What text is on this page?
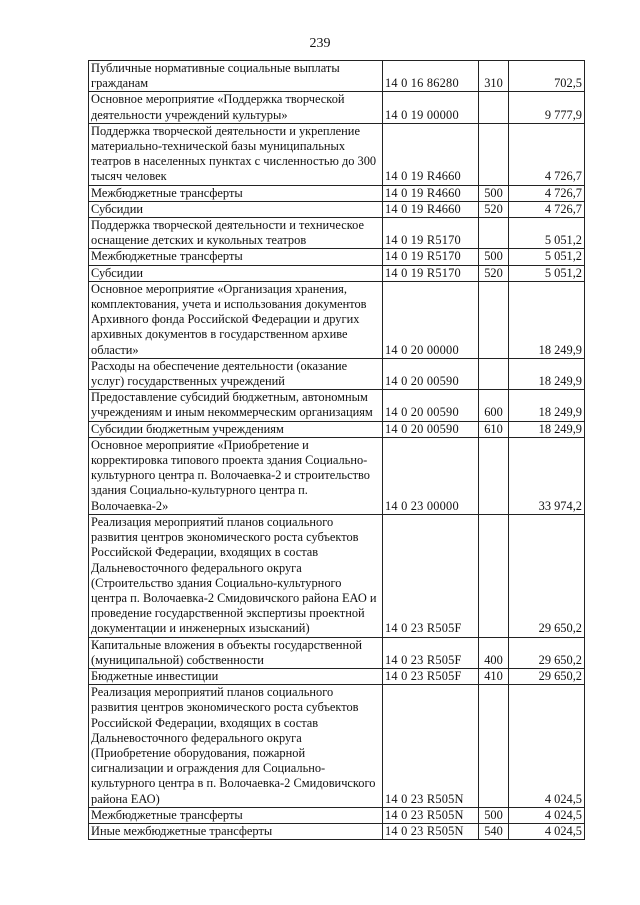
239
Публичные нормативные социальные выплаты гражданам	14 0 16 86280	310	702,5
Основное мероприятие «Поддержка творческой деятельности учреждений культуры»	14 0 19 00000		9 777,9
Поддержка творческой деятельности и укрепление материально-технической базы муниципальных театров в населенных пунктах с численностью до 300 тысяч человек	14 0 19 R4660		4 726,7
Межбюджетные трансферты	14 0 19 R4660	500	4 726,7
Субсидии	14 0 19 R4660	520	4 726,7
Поддержка творческой деятельности и техническое оснащение детских и кукольных театров	14 0 19 R5170		5 051,2
Межбюджетные трансферты	14 0 19 R5170	500	5 051,2
Субсидии	14 0 19 R5170	520	5 051,2
Основное мероприятие «Организация хранения, комплектования, учета и использования документов Архивного фонда Российской Федерации и других архивных документов в государственном архиве области»	14 0 20 00000		18 249,9
Расходы на обеспечение деятельности (оказание услуг) государственных учреждений	14 0 20 00590		18 249,9
Предоставление субсидий бюджетным, автономным учреждениям и иным некоммерческим организациям	14 0 20 00590	600	18 249,9
Субсидии бюджетным учреждениям	14 0 20 00590	610	18 249,9
Основное мероприятие «Приобретение и корректировка типового проекта здания Социально-культурного центра п. Волочаевка-2 и строительство здания Социально-культурного центра п. Волочаевка-2»	14 0 23 00000		33 974,2
Реализация мероприятий планов социального развития центров экономического роста субъектов Российской Федерации, входящих в состав Дальневосточного федерального округа (Строительство здания Социально-культурного центра п. Волочаевка-2 Смидовичского района ЕАО и проведение государственной экспертизы проектной документации и инженерных изысканий)	14 0 23 R505F		29 650,2
Капитальные вложения в объекты государственной (муниципальной) собственности	14 0 23 R505F	400	29 650,2
Бюджетные инвестиции	14 0 23 R505F	410	29 650,2
Реализация мероприятий планов социального развития центров экономического роста субъектов Российской Федерации, входящих в состав Дальневосточного федерального округа (Приобретение оборудования, пожарной сигнализации и ограждения для Социально-культурного центра в п. Волочаевка-2 Смидовичского района ЕАО)	14 0 23 R505N		4 024,5
Межбюджетные трансферты	14 0 23 R505N	500	4 024,5
Иные межбюджетные трансферты	14 0 23 R505N	540	4 024,5
